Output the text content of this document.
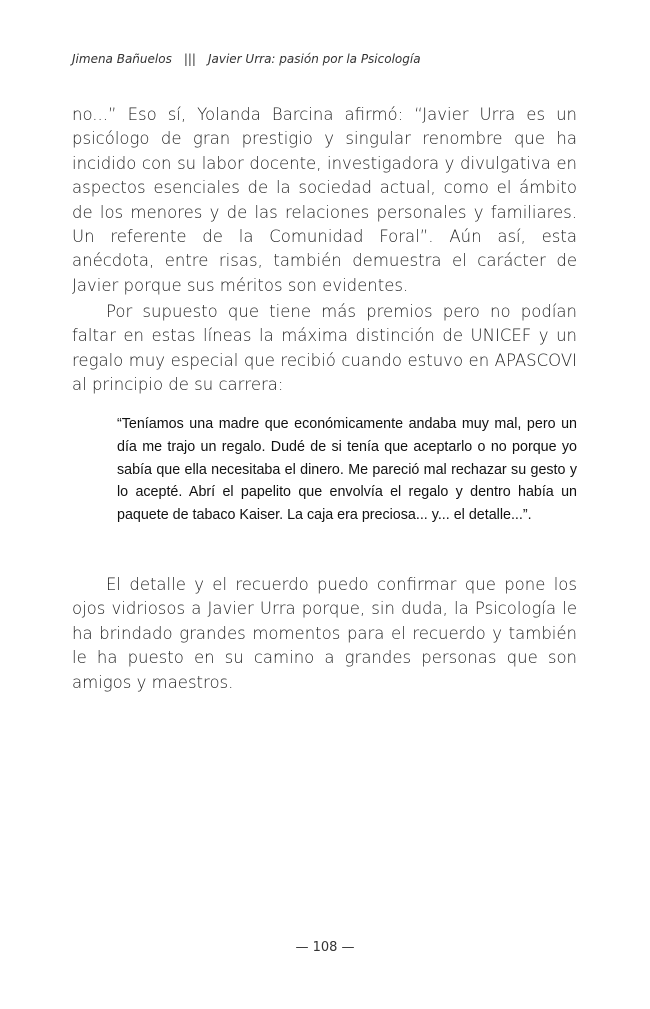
Jimena Bañuelos ||| Javier Urra: pasión por la Psicología

no...” Eso sí, Yolanda Barcina afirmó: “Javier Urra es un psicólogo de gran prestigio y singular renombre que ha incidido con su labor docente, investigadora y divulgativa en aspectos esenciales de la sociedad actual, como el ámbito de los menores y de las relaciones personales y familiares. Un referente de la Comunidad Foral”. Aún así, esta anécdota, entre risas, también demuestra el carácter de Javier porque sus méritos son evidentes.

Por supuesto que tiene más premios pero no podían faltar en estas líneas la máxima distinción de UNICEF y un regalo muy especial que recibió cuando estuvo en APASCOVI al principio de su carrera:

“Teníamos una madre que económicamente andaba muy mal, pero un día me trajo un regalo. Dudé de si tenía que aceptarlo o no porque yo sabía que ella necesitaba el dinero. Me pareció mal rechazar su gesto y lo acepté. Abrí el papelito que envolvía el regalo y dentro había un paquete de tabaco Kaiser. La caja era preciosa... y... el detalle...”.

El detalle y el recuerdo puedo confirmar que pone los ojos vidriosos a Javier Urra porque, sin duda, la Psicología le ha brindado grandes momentos para el recuerdo y también le ha puesto en su camino a grandes personas que son amigos y maestros.

— 108 —
